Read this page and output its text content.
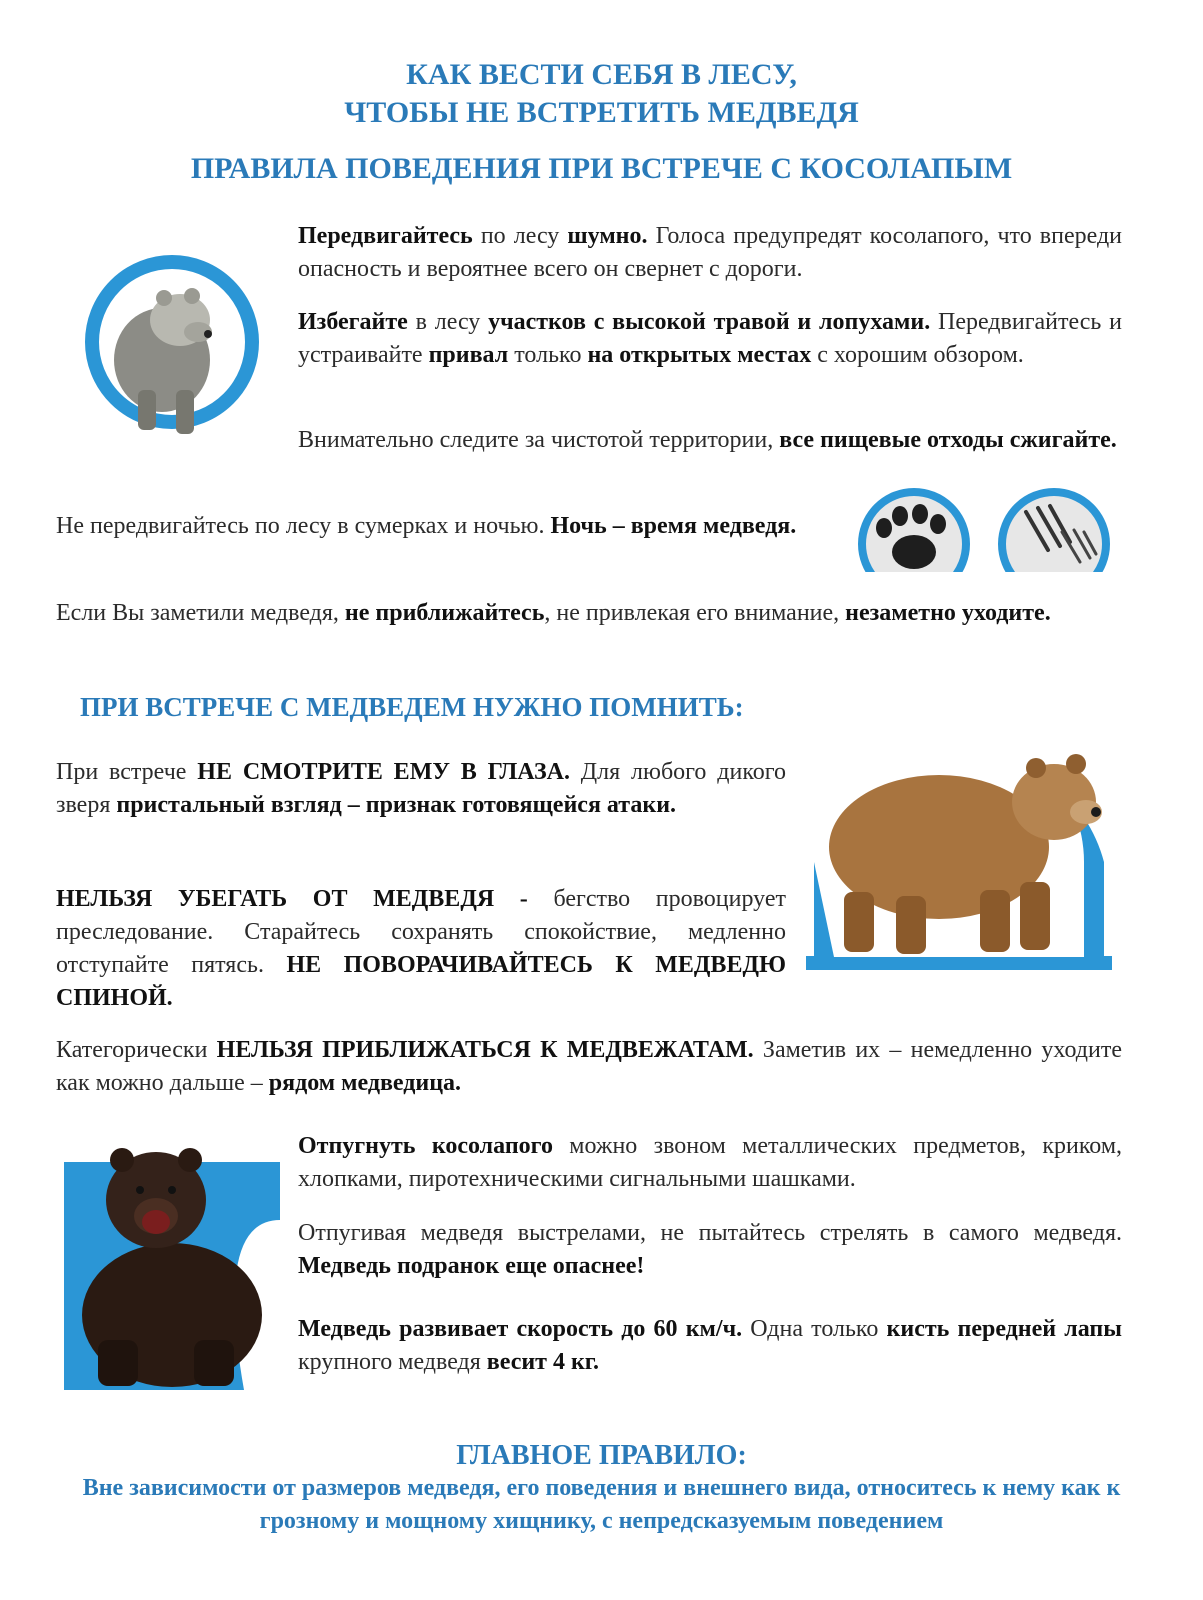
КАК ВЕСТИ СЕБЯ В ЛЕСУ,
ЧТОБЫ НЕ ВСТРЕТИТЬ МЕДВЕДЯ
ПРАВИЛА ПОВЕДЕНИЯ ПРИ ВСТРЕЧЕ С КОСОЛАПЫМ

Передвигайтесь по лесу шумно. Голоса предупредят косолапого, что впереди опасность и вероятнее всего он свернет с дороги.

Избегайте в лесу участков с высокой травой и лопухами. Передвигайтесь и устраивайте привал только на открытых местах с хорошим обзором.

Внимательно следите за чистотой территории, все пищевые отходы сжигайте.

Не передвигайтесь по лесу в сумерках и ночью. Ночь – время медведя.

Если Вы заметили медведя, не приближайтесь, не привлекая его внимание, незаметно уходите.

ПРИ ВСТРЕЧЕ С МЕДВЕДЕМ НУЖНО ПОМНИТЬ:

При встрече НЕ СМОТРИТЕ ЕМУ В ГЛАЗА. Для любого дикого зверя пристальный взгляд – признак готовящейся атаки.

НЕЛЬЗЯ УБЕГАТЬ ОТ МЕДВЕДЯ - бегство провоцирует преследование. Старайтесь сохранять спокойствие, медленно отступайте пятясь. НЕ ПОВОРАЧИВАЙТЕСЬ К МЕДВЕДЮ СПИНОЙ.

Категорически НЕЛЬЗЯ ПРИБЛИЖАТЬСЯ К МЕДВЕЖАТАМ. Заметив их – немедленно уходите как можно дальше – рядом медведица.

Отпугнуть косолапого можно звоном металлических предметов, криком, хлопками, пиротехническими сигнальными шашками.

Отпугивая медведя выстрелами, не пытайтесь стрелять в самого медведя. Медведь подранок еще опаснее!

Медведь развивает скорость до 60 км/ч. Одна только кисть передней лапы крупного медведя весит 4 кг.

ГЛАВНОЕ ПРАВИЛО:
Вне зависимости от размеров медведя, его поведения и внешнего вида, относитесь к нему как к грозному и мощному хищнику, с непредсказуемым поведением
